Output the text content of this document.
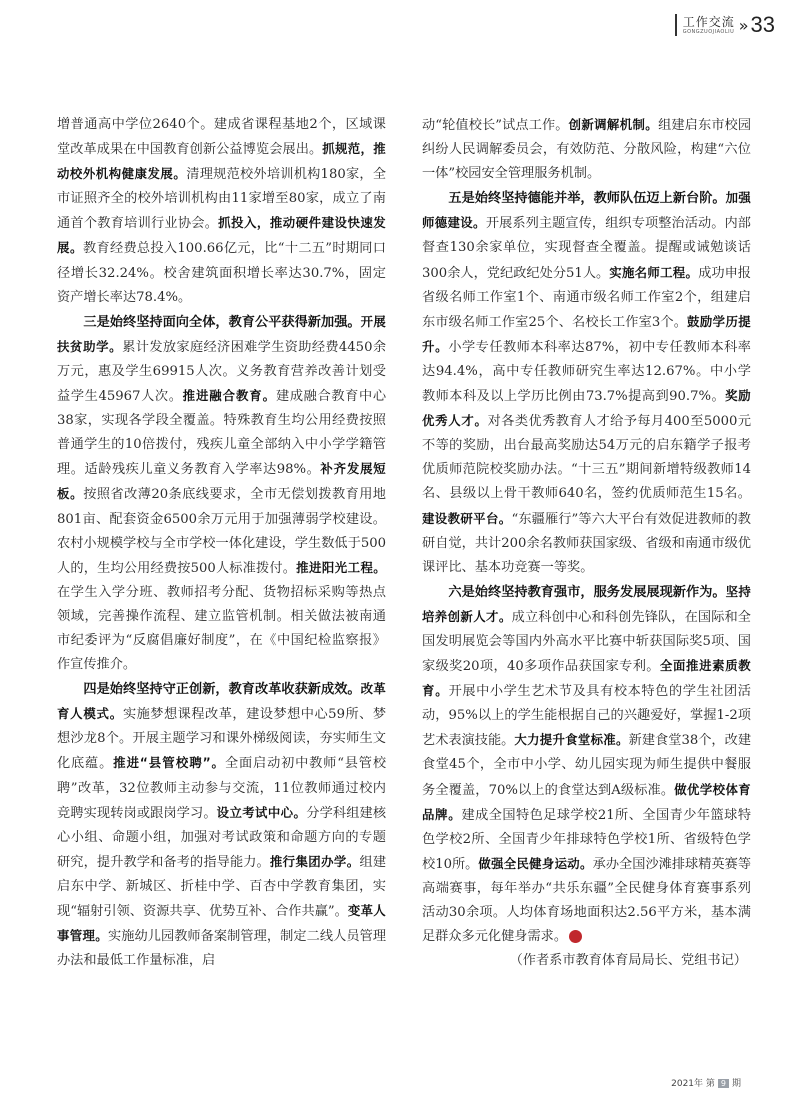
工作交流
GONGZUOJIAOLIU » 33

增普通高中学位2640个。建成省课程基地2个，区域课堂改革成果在中国教育创新公益博览会展出。抓规范，推动校外机构健康发展。清理规范校外培训机构180家，全市证照齐全的校外培训机构由11家增至80家，成立了南通首个教育培训行业协会。抓投入，推动硬件建设快速发展。教育经费总投入100.66亿元，比“十二五”时期同口径增长32.24%。校舍建筑面积增长率达30.7%，固定资产增长率达78.4%。

三是始终坚持面向全体，教育公平获得新加强。开展扶贫助学。累计发放家庭经济困难学生资助经费4450余万元，惠及学生69915人次。义务教育营养改善计划受益学生45967人次。推进融合教育。建成融合教育中心38家，实现各学段全覆盖。特殊教育生均公用经费按照普通学生的10倍拨付，残疾儿童全部纳入中小学学籍管理。适龄残疾儿童义务教育入学率达98%。补齐发展短板。按照省改薄20条底线要求，全市无偿划拨教育用地801亩、配套资金6500余万元用于加强薄弱学校建设。农村小规模学校与全市学校一体化建设，学生数低于500人的，生均公用经费按500人标准拨付。推进阳光工程。在学生入学分班、教师招考分配、货物招标采购等热点领域，完善操作流程、建立监管机制。相关做法被南通市纪委评为“反腐倡廉好制度”，在《中国纪检监察报》作宣传推介。

四是始终坚持守正创新，教育改革收获新成效。改革育人模式。实施梦想课程改革，建设梦想中心59所、梦想沙龙8个。开展主题学习和课外梯级阅读，夯实师生文化底蕴。推进“县管校聘”。全面启动初中教师“县管校聘”改革，32位教师主动参与交流，11位教师通过校内竞聘实现转岗或跟岗学习。设立考试中心。分学科组建核心小组、命题小组，加强对考试政策和命题方向的专题研究，提升教学和备考的指导能力。推行集团办学。组建启东中学、新城区、折桂中学、百杏中学教育集团，实现“辐射引领、资源共享、优势互补、合作共赢”。变革人事管理。实施幼儿园教师备案制管理，制定二线人员管理办法和最低工作量标准，启

动“轮值校长”试点工作。创新调解机制。组建启东市校园纠纷人民调解委员会，有效防范、分散风险，构建“六位一体”校园安全管理服务机制。

五是始终坚持德能并举，教师队伍迈上新台阶。加强师德建设。开展系列主题宣传，组织专项整治活动。内部督查130余家单位，实现督查全覆盖。提醒或诫勉谈话300余人，党纪政纪处分51人。实施名师工程。成功申报省级名师工作室1个、南通市级名师工作室2个，组建启东市级名师工作室25个、名校长工作室3个。鼓励学历提升。小学专任教师本科率达87%，初中专任教师本科率达94.4%，高中专任教师研究生率达12.67%。中小学教师本科及以上学历比例由73.7%提高到90.7%。奖励优秀人才。对各类优秀教育人才给予每月400至5000元不等的奖励，出台最高奖励达54万元的启东籍学子报考优质师范院校奖励办法。“十三五”期间新增特级教师14名、县级以上骨干教师640名，签约优质师范生15名。建设教研平台。“东疆雁行”等六大平台有效促进教师的教研自觉，共计200余名教师获国家级、省级和南通市级优课评比、基本功竞赛一等奖。

六是始终坚持教育强市，服务发展展现新作为。坚持培养创新人才。成立科创中心和科创先锋队，在国际和全国发明展览会等国内外高水平比赛中斩获国际奖5项、国家级奖20项，40多项作品获国家专利。全面推进素质教育。开展中小学生艺术节及具有校本特色的学生社团活动，95%以上的学生能根据自己的兴趣爱好，掌握1-2项艺术表演技能。大力提升食堂标准。新建食堂38个，改建食堂45个，全市中小学、幼儿园实现为师生提供中餐服务全覆盖，70%以上的食堂达到A级标准。做优学校体育品牌。建成全国特色足球学校21所、全国青少年篮球特色学校2所、全国青少年排球特色学校1所、省级特色学校10所。做强全民健身运动。承办全国沙滩排球精英赛等高端赛事，每年举办“共乐东疆”全民健身体育赛事系列活动30余项。人均体育场地面积达2.56平方米，基本满足群众多元化健身需求。	终

（作者系市教育体育局局长、党组书记）

2021年 第 9 期
